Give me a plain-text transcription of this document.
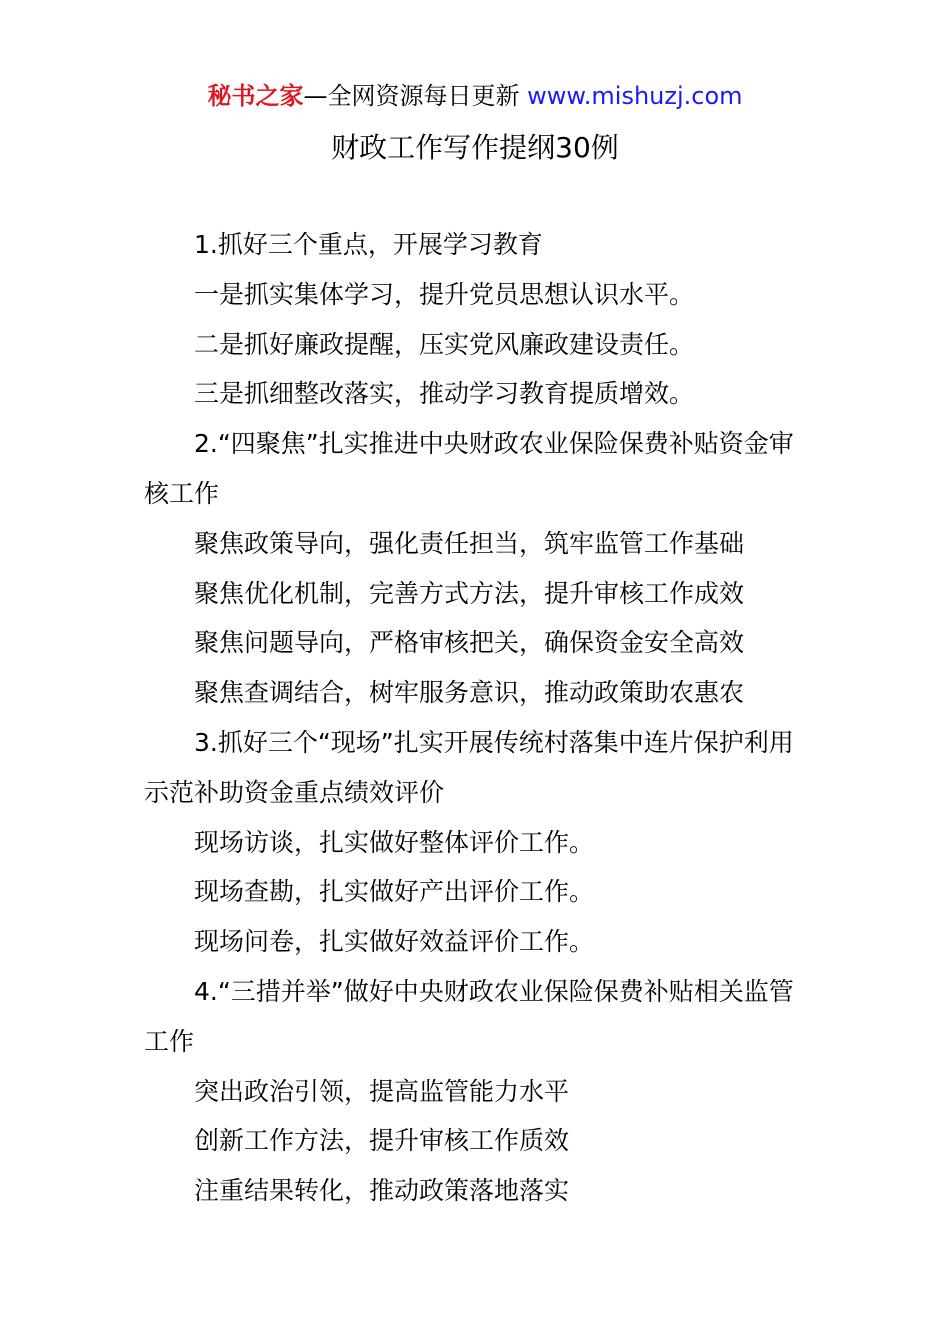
秘书之家—全网资源每日更新 www.mishuzj.com
财政工作写作提纲30例

1.抓好三个重点，开展学习教育

一是抓实集体学习，提升党员思想认识水平。

二是抓好廉政提醒，压实党风廉政建设责任。

三是抓细整改落实，推动学习教育提质增效。

2.“四聚焦”扎实推进中央财政农业保险保费补贴资金审核工作

聚焦政策导向，强化责任担当，筑牢监管工作基础

聚焦优化机制，完善方式方法，提升审核工作成效

聚焦问题导向，严格审核把关，确保资金安全高效

聚焦查调结合，树牢服务意识，推动政策助农惠农

3.抓好三个“现场”扎实开展传统村落集中连片保护利用示范补助资金重点绩效评价

现场访谈，扎实做好整体评价工作。

现场查勘，扎实做好产出评价工作。

现场问卷，扎实做好效益评价工作。

4.“三措并举”做好中央财政农业保险保费补贴相关监管工作

突出政治引领，提高监管能力水平

创新工作方法，提升审核工作质效

注重结果转化，推动政策落地落实
